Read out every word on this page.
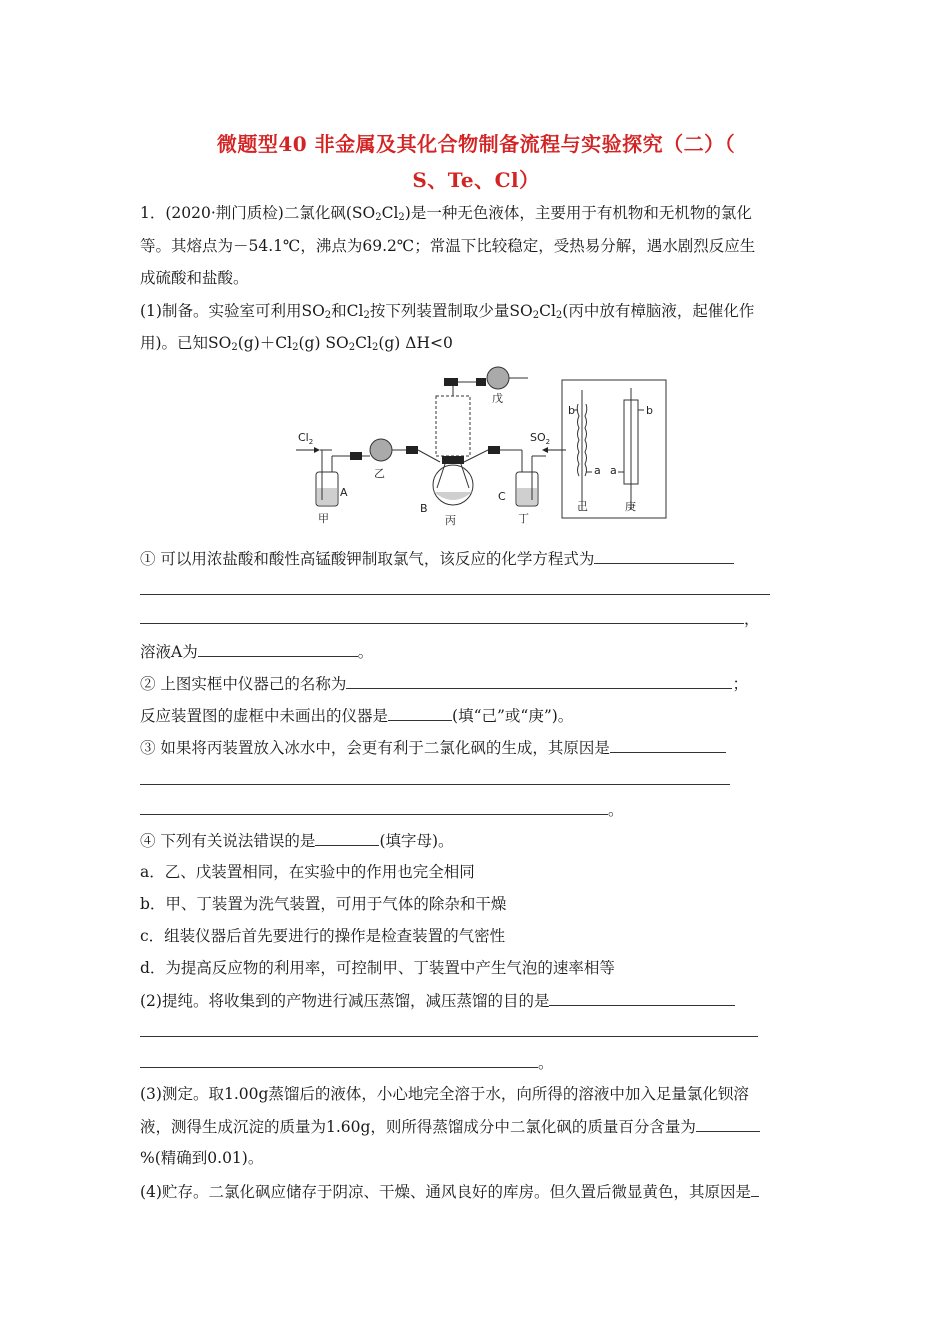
微题型40 非金属及其化合物制备流程与实验探究（二）（
S、Te、Cl）
1．(2020·荆门质检)二氯化砜$(SO_2Cl_2)$是一种无色液体，主要用于有机物和无机物的氯化
等。其熔点为－54.1℃，沸点为69.2℃；常温下比较稳定，受热易分解，遇水剧烈反应生
成硫酸和盐酸。
(1)制备。实验室可利用$SO_2$和$Cl_2$按下列装置制取少量$SO_2Cl_2$(丙中放有樟脑液，起催化作
用)。已知$SO_2(g)+Cl_2(g)$ $SO_2Cl_2(g)$ ΔH<0
$Cl_2$
A
甲
乙
B
丙
戊
C
丁
$SO_2$
b
a
己
b
a
庚
① 可以用浓盐酸和酸性高锰酸钾制取氯气，该反应的化学方程式为
，
溶液A为	。
② 上图实框中仪器己的名称为	；
反应装置图的虚框中未画出的仪器是	(填“己”或“庚”)。
③ 如果将丙装置放入冰水中，会更有利于二氯化砜的生成，其原因是
。
④ 下列有关说法错误的是	(填字母)。
a．乙、戊装置相同，在实验中的作用也完全相同
b．甲、丁装置为洗气装置，可用于气体的除杂和干燥
c．组装仪器后首先要进行的操作是检查装置的气密性
d．为提高反应物的利用率，可控制甲、丁装置中产生气泡的速率相等
(2)提纯。将收集到的产物进行减压蒸馏，减压蒸馏的目的是
。
(3)测定。取1.00g蒸馏后的液体，小心地完全溶于水，向所得的溶液中加入足量氯化钡溶
液，测得生成沉淀的质量为1.60g，则所得蒸馏成分中二氯化砜的质量百分含量为
%(精确到0.01)。
(4)贮存。二氯化砜应储存于阴凉、干燥、通风良好的库房。但久置后微显黄色，其原因是
